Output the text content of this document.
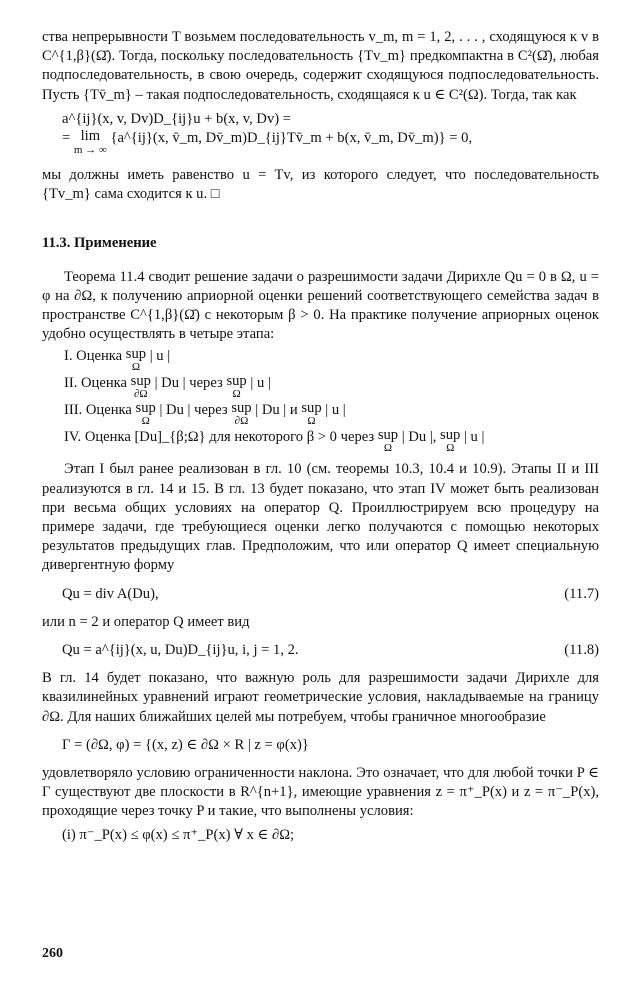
ства непрерывности T возьмем последовательность v_m, m = 1, 2, . . . , сходящуюся к v в C^{1,β}(Ω̄). Тогда, поскольку последовательность {Tv_m} предкомпактна в C²(Ω̄), любая подпоследовательность, в свою очередь, содержит сходящуюся подпоследовательность. Пусть {Tv̄_m} – такая подпоследовательность, сходящаяся к u ∈ C²(Ω). Тогда, так как

a^{ij}(x, v, Dv)D_{ij}u + b(x, v, Dv) =
= lim
m → ∞
{a^{ij}(x, v̄_m, Dv̄_m)D_{ij}Tv̄_m + b(x, v̄_m, Dv̄_m)} = 0,

мы должны иметь равенство u = Tv, из которого следует, что последовательность {Tv_m} сама сходится к u. □

11.3. Применение

Теорема 11.4 сводит решение задачи о разрешимости задачи Дирихле Qu = 0 в Ω, u = φ на ∂Ω, к получению априорной оценки решений соответствующего семейства задач в пространстве C^{1,β}(Ω̄) с некоторым β > 0. На практике получение априорных оценок удобно осуществлять в четыре этапа:

I. Оценка
sup
Ω

| u |
II. Оценка
sup
∂Ω

| Du |
через
sup
Ω

| u |
III. Оценка
sup
Ω

| Du |
через
sup
∂Ω

| Du |
и
sup
Ω

| u |
IV. Оценка [Du]_{β;Ω} для некоторого β > 0 через
sup
Ω

| Du |,
sup
Ω

| u |

Этап I был ранее реализован в гл. 10 (см. теоремы 10.3, 10.4 и 10.9). Этапы II и III реализуются в гл. 14 и 15. В гл. 13 будет показано, что этап IV может быть реализован при весьма общих условиях на оператор Q. Проиллюстрируем всю процедуру на примере задачи, где требующиеся оценки легко получаются с помощью некоторых результатов предыдущих глав. Предположим, что или оператор Q имеет специальную дивергентную форму

Qu = div A(Du),	(11.7)

или n = 2 и оператор Q имеет вид

Qu = a^{ij}(x, u, Du)D_{ij}u, i, j = 1, 2.	(11.8)

В гл. 14 будет показано, что важную роль для разрешимости задачи Дирихле для квазилинейных уравнений играют геометрические условия, накладываемые на границу ∂Ω. Для наших ближайших целей мы потребуем, чтобы граничное многообразие

Γ = (∂Ω, φ) = {(x, z) ∈ ∂Ω × R | z = φ(x)}

удовлетворяло условию ограниченности наклона. Это означает, что для любой точки P ∈ Γ существуют две плоскости в R^{n+1}, имеющие уравнения z = π⁺_P(x) и z = π⁻_P(x), проходящие через точку P и такие, что выполнены условия:

(i) π⁻_P(x) ≤ φ(x) ≤ π⁺_P(x) ∀ x ∈ ∂Ω;
260
